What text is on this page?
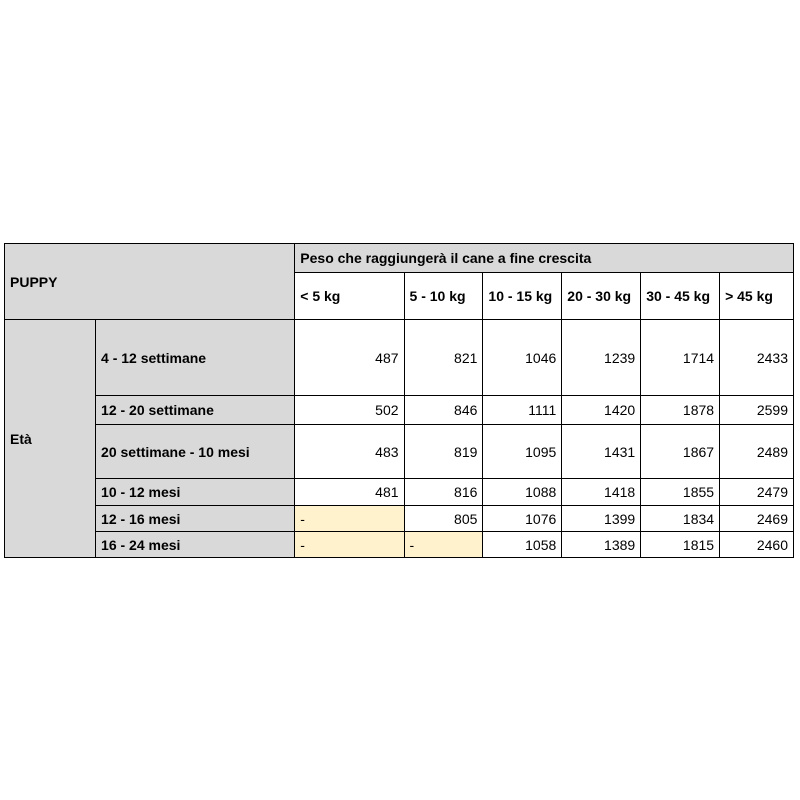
PUPPY		Peso che raggiungerà il cane a fine crescita					
		< 5 kg	5 - 10 kg	10 - 15 kg	20 - 30 kg	30 - 45 kg	> 45 kg
Età	4 - 12 settimane	487	821	1046	1239	1714	2433
	12 - 20 settimane	502	846	1111	1420	1878	2599
	20 settimane - 10 mesi	483	819	1095	1431	1867	2489
	10 - 12 mesi	481	816	1088	1418	1855	2479
	12 - 16 mesi	-	805	1076	1399	1834	2469
	16 - 24 mesi	-	-	1058	1389	1815	2460
